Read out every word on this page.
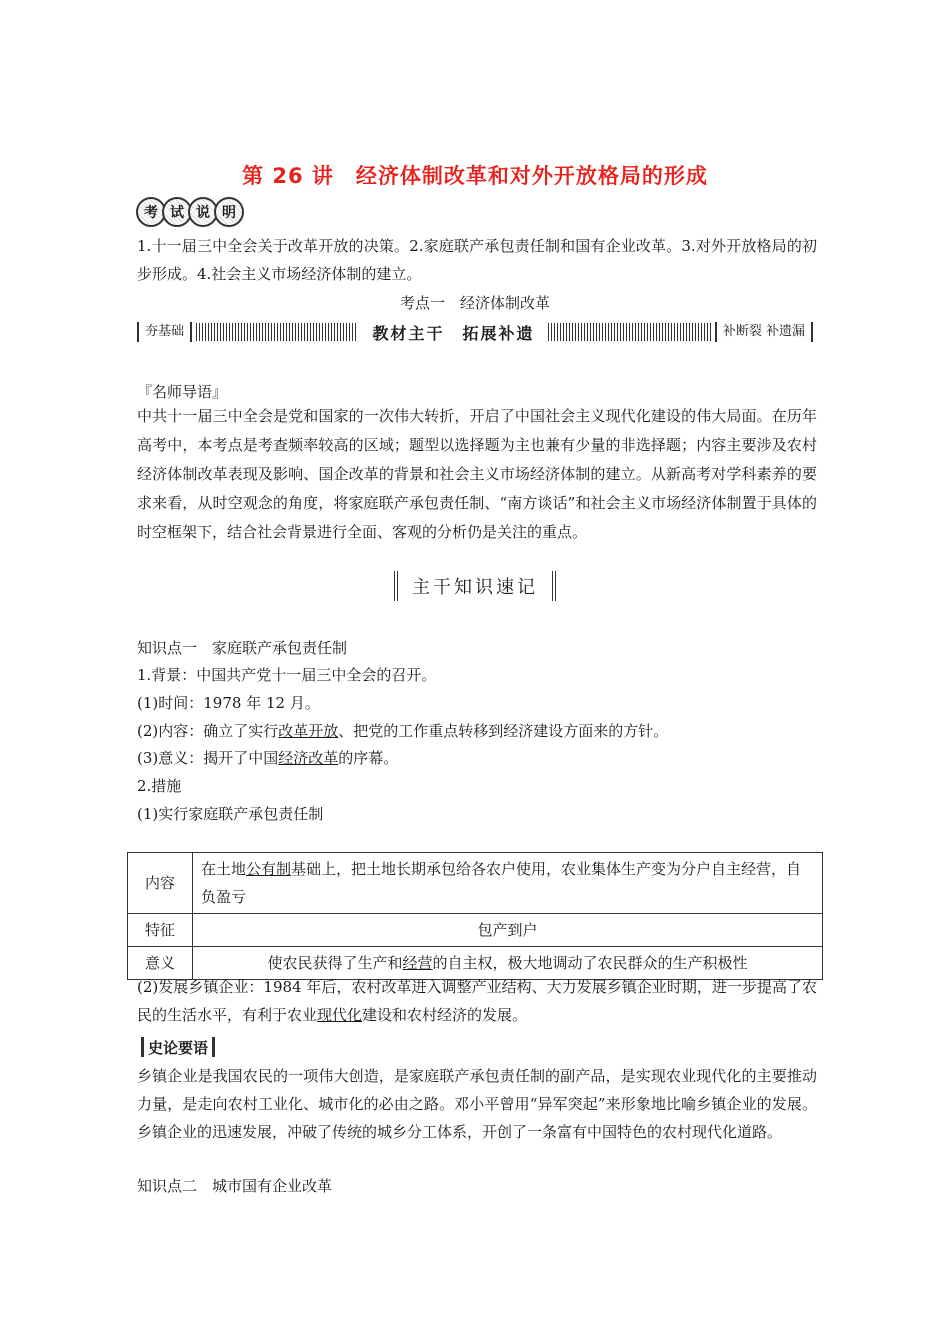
第 26 讲　经济体制改革和对外开放格局的形成
考 试 说 明

1.十一届三中全会关于改革开放的决策。2.家庭联产承包责任制和国有企业改革。3.对外开放格局的初步形成。4.社会主义市场经济体制的建立。

考点一　经济体制改革
夯基础	教材主干　拓展补遗	补断裂 补遗漏
『名师导语』

中共十一届三中全会是党和国家的一次伟大转折，开启了中国社会主义现代化建设的伟大局面。在历年高考中，本考点是考查频率较高的区域；题型以选择题为主也兼有少量的非选择题；内容主要涉及农村经济体制改革表现及影响、国企改革的背景和社会主义市场经济体制的建立。从新高考对学科素养的要求来看，从时空观念的角度，将家庭联产承包责任制、“南方谈话”和社会主义市场经济体制置于具体的时空框架下，结合社会背景进行全面、客观的分析仍是关注的重点。

主干知识速记
知识点一　家庭联产承包责任制
1.背景：中国共产党十一届三中全会的召开。
(1)时间：1978 年 12 月。
(2)内容：确立了实行改革开放、把党的工作重点转移到经济建设方面来的方针。
(3)意义：揭开了中国经济改革的序幕。
2.措施
(1)实行家庭联产承包责任制
内容	在土地公有制基础上，把土地长期承包给各农户使用，农业集体生产变为分户自主经营，自负盈亏
特征	包产到户
意义	使农民获得了生产和经营的自主权，极大地调动了农民群众的生产积极性

(2)发展乡镇企业：1984 年后，农村改革进入调整产业结构、大力发展乡镇企业时期，进一步提高了农民的生活水平，有利于农业现代化建设和农村经济的发展。

史论要语

乡镇企业是我国农民的一项伟大创造，是家庭联产承包责任制的副产品，是实现农业现代化的主要推动力量，是走向农村工业化、城市化的必由之路。邓小平曾用“异军突起”来形象地比喻乡镇企业的发展。乡镇企业的迅速发展，冲破了传统的城乡分工体系，开创了一条富有中国特色的农村现代化道路。

知识点二　城市国有企业改革
